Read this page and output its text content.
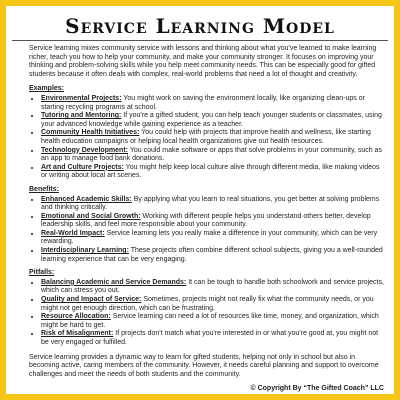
Service Learning Model

Service learning mixes community service with lessons and thinking about what you've learned to make learning richer, teach you how to help your community, and make your community stronger. It focuses on improving your thinking and problem-solving skills while you help meet community needs. This can be especially good for gifted students because it often deals with complex, real-world problems that need a lot of thought and creativity.

Examples:
• Environmental Projects: You might work on saving the environment locally, like organizing clean-ups or starting recycling programs at school.
• Tutoring and Mentoring: If you're a gifted student, you can help teach younger students or classmates, using your advanced knowledge while gaining experience as a teacher.
• Community Health Initiatives: You could help with projects that improve health and wellness, like starting health education campaigns or helping local health organizations give out health resources.
• Technology Development: You could make software or apps that solve problems in your community, such as an app to manage food bank donations.
• Art and Culture Projects: You might help keep local culture alive through different media, like making videos or writing about local art scenes.
Benefits:
• Enhanced Academic Skills: By applying what you learn to real situations, you get better at solving problems and thinking critically.
• Emotional and Social Growth: Working with different people helps you understand others better, develop leadership skills, and feel more responsible about your community.
• Real-World Impact: Service learning lets you really make a difference in your community, which can be very rewarding.
• Interdisciplinary Learning: These projects often combine different school subjects, giving you a well-rounded learning experience that can be very engaging.
Pitfalls:
• Balancing Academic and Service Demands: It can be tough to handle both schoolwork and service projects, which can stress you out.
• Quality and Impact of Service: Sometimes, projects might not really fix what the community needs, or you might not get enough direction, which can be frustrating.
• Resource Allocation: Service learning can need a lot of resources like time, money, and organization, which might be hard to get.
• Risk of Misalignment: If projects don't match what you're interested in or what you're good at, you might not be very engaged or fulfilled.

Service learning provides a dynamic way to learn for gifted students, helping not only in school but also in becoming active, caring members of the community. However, it needs careful planning and support to overcome challenges and meet the needs of both students and the community.

© Copyright By “The Gifted Coach” LLC
